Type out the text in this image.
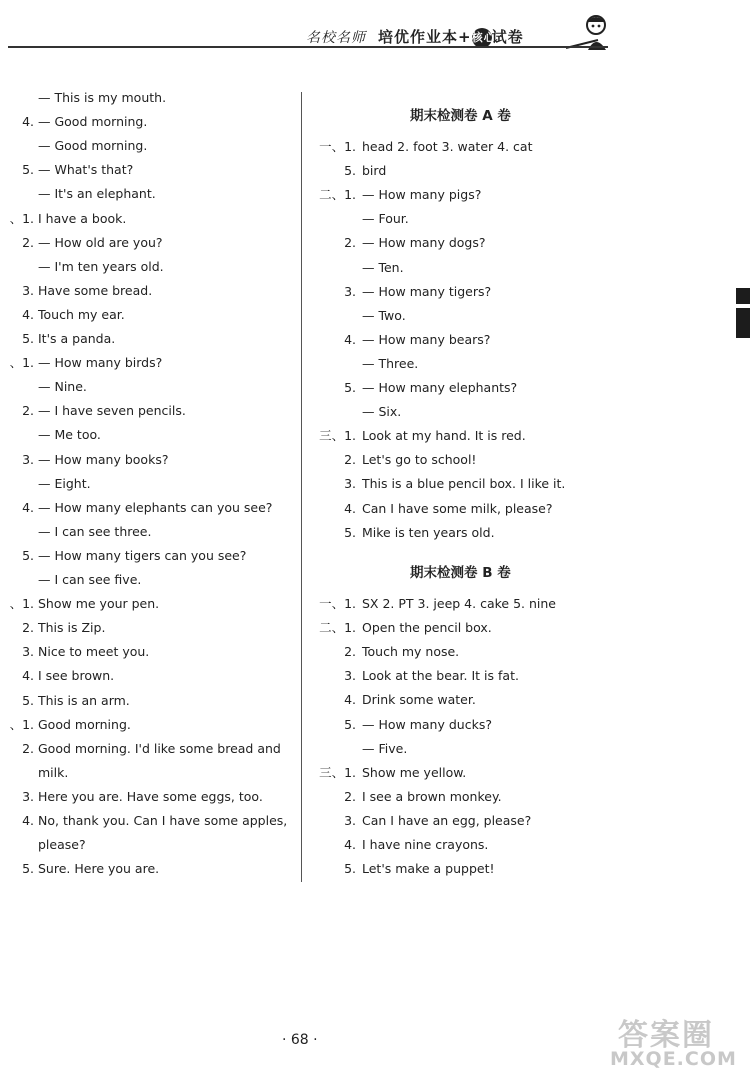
名校名师 培优作业本+核心试卷
— This is my mouth.
4. — Good morning.
— Good morning.
5. — What's that?
— It's an elephant.
、1. I have a book.
2. — How old are you?
— I'm ten years old.
3. Have some bread.
4. Touch my ear.
5. It's a panda.
、1. — How many birds?
— Nine.
2. — I have seven pencils.
— Me too.
3. — How many books?
— Eight.
4. — How many elephants can you see?
— I can see three.
5. — How many tigers can you see?
— I can see five.
、1. Show me your pen.
2. This is Zip.
3. Nice to meet you.
4. I see brown.
5. This is an arm.
、1. Good morning.
2. Good morning. I'd like some bread and
milk.
3. Here you are. Have some eggs, too.
4. No, thank you. Can I have some apples,
please?
5. Sure. Here you are.
期末检测卷 A 卷
一、1. head 2. foot 3. water 4. cat
5. bird
二、1. — How many pigs?
— Four.
2. — How many dogs?
— Ten.
3. — How many tigers?
— Two.
4. — How many bears?
— Three.
5. — How many elephants?
— Six.
三、1. Look at my hand. It is red.
2. Let's go to school!
3. This is a blue pencil box. I like it.
4. Can I have some milk, please?
5. Mike is ten years old.
期末检测卷 B 卷
一、1. SX 2. PT 3. jeep 4. cake 5. nine
二、1. Open the pencil box.
2. Touch my nose.
3. Look at the bear. It is fat.
4. Drink some water.
5. — How many ducks?
— Five.
三、1. Show me yellow.
2. I see a brown monkey.
3. Can I have an egg, please?
4. I have nine crayons.
5. Let's make a puppet!
· 68 ·	答案圈
MXQE.COM
